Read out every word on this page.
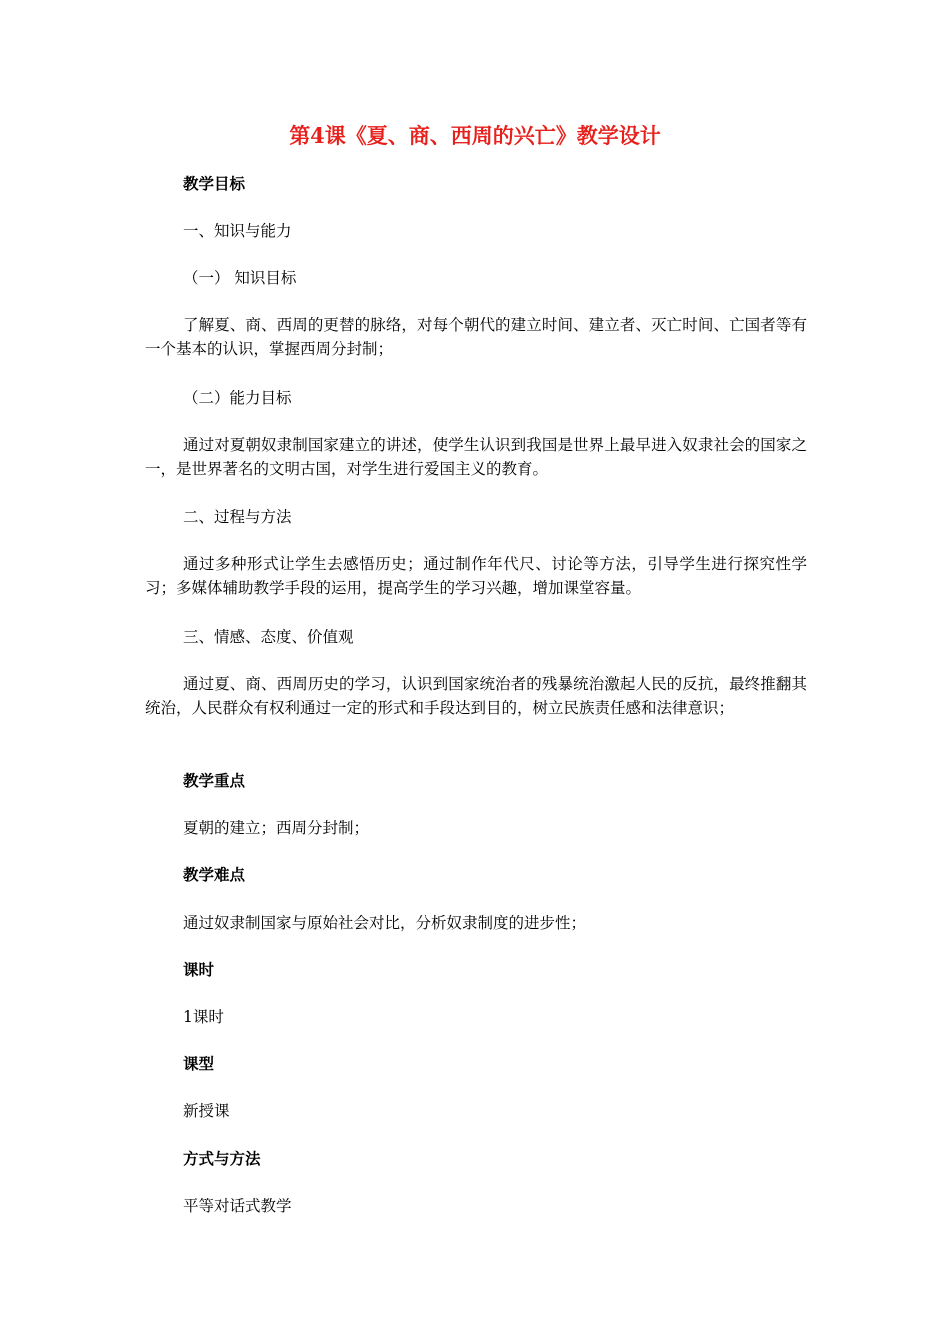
第4课《夏、商、西周的兴亡》教学设计
教学目标
一、知识与能力
（一） 知识目标
了解夏、商、西周的更替的脉络，对每个朝代的建立时间、建立者、灭亡时间、亡国者等有一个基本的认识，掌握西周分封制；
（二）能力目标
通过对夏朝奴隶制国家建立的讲述，使学生认识到我国是世界上最早进入奴隶社会的国家之一，是世界著名的文明古国，对学生进行爱国主义的教育。
二、过程与方法
通过多种形式让学生去感悟历史；通过制作年代尺、讨论等方法，引导学生进行探究性学习；多媒体辅助教学手段的运用，提高学生的学习兴趣，增加课堂容量。
三、情感、态度、价值观
通过夏、商、西周历史的学习，认识到国家统治者的残暴统治激起人民的反抗，最终推翻其统治，人民群众有权利通过一定的形式和手段达到目的，树立民族责任感和法律意识；
教学重点
夏朝的建立；西周分封制；
教学难点
通过奴隶制国家与原始社会对比，分析奴隶制度的进步性；
课时
1课时
课型
新授课
方式与方法
平等对话式教学
